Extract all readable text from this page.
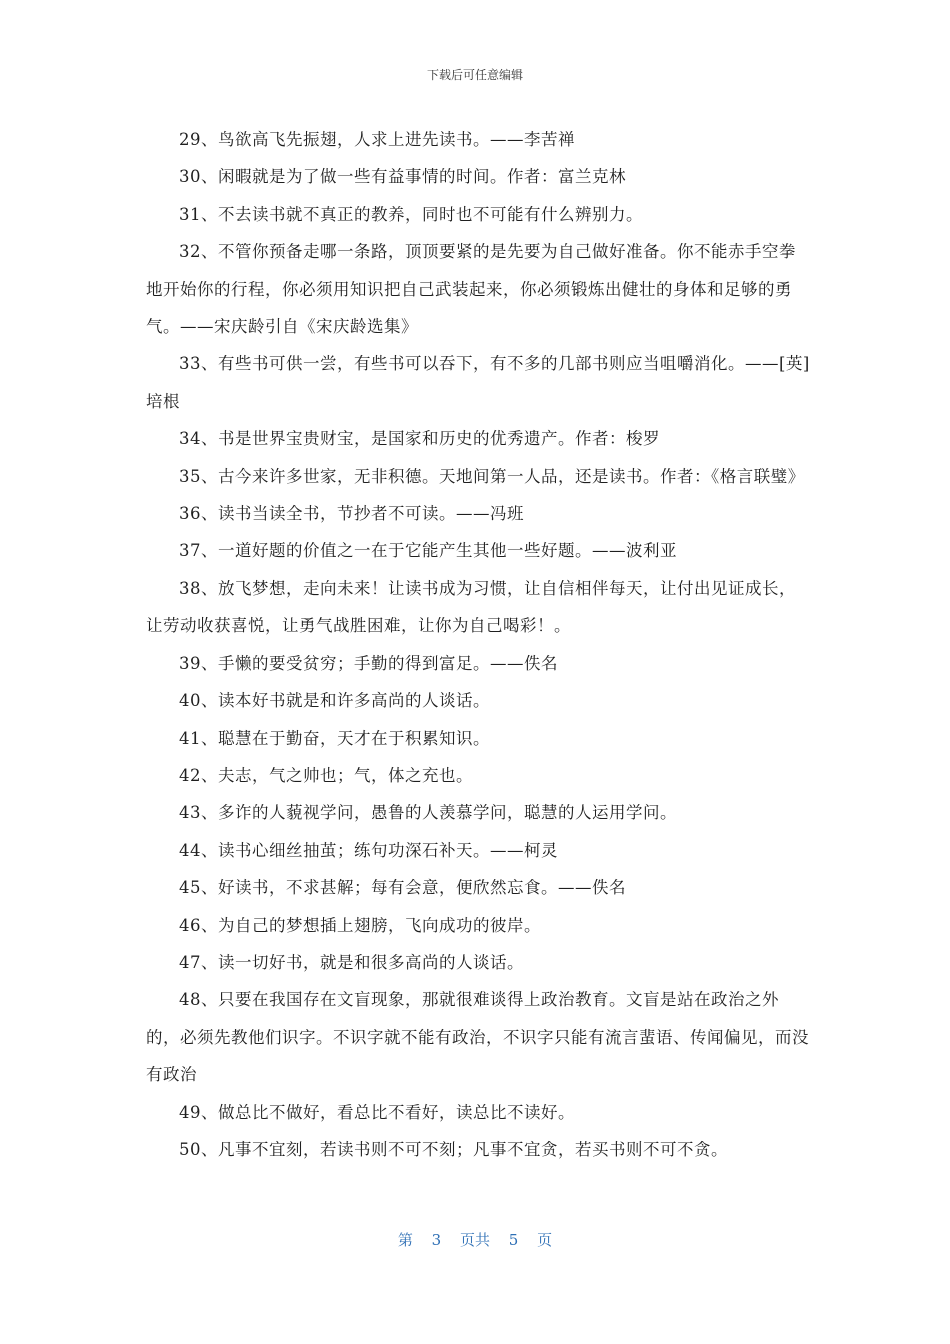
下载后可任意编辑

29、鸟欲高飞先振翅，人求上进先读书。——李苦禅

30、闲暇就是为了做一些有益事情的时间。作者：富兰克林

31、不去读书就不真正的教养，同时也不可能有什么辨别力。

32、不管你预备走哪一条路，顶顶要紧的是先要为自己做好准备。你不能赤手空拳地开始你的行程，你必须用知识把自己武装起来，你必须锻炼出健壮的身体和足够的勇气。——宋庆龄引自《宋庆龄选集》

33、有些书可供一尝，有些书可以吞下，有不多的几部书则应当咀嚼消化。——[英]培根

34、书是世界宝贵财宝，是国家和历史的优秀遗产。作者：梭罗

35、古今来许多世家，无非积德。天地间第一人品，还是读书。作者：《格言联璧》

36、读书当读全书，节抄者不可读。——冯班

37、一道好题的价值之一在于它能产生其他一些好题。——波利亚

38、放飞梦想，走向未来！让读书成为习惯，让自信相伴每天，让付出见证成长，让劳动收获喜悦，让勇气战胜困难，让你为自己喝彩！。

39、手懒的要受贫穷；手勤的得到富足。——佚名

40、读本好书就是和许多高尚的人谈话。

41、聪慧在于勤奋，天才在于积累知识。

42、夫志，气之帅也；气，体之充也。

43、多诈的人藐视学问，愚鲁的人羡慕学问，聪慧的人运用学问。

44、读书心细丝抽茧；练句功深石补天。——柯灵

45、好读书，不求甚解；每有会意，便欣然忘食。——佚名

46、为自己的梦想插上翅膀，飞向成功的彼岸。

47、读一切好书，就是和很多高尚的人谈话。

48、只要在我国存在文盲现象，那就很难谈得上政治教育。文盲是站在政治之外的，必须先教他们识字。不识字就不能有政治，不识字只能有流言蜚语、传闻偏见，而没有政治

49、做总比不做好，看总比不看好，读总比不读好。

50、凡事不宜刻，若读书则不可不刻；凡事不宜贪，若买书则不可不贪。

第 3 页共 5 页
